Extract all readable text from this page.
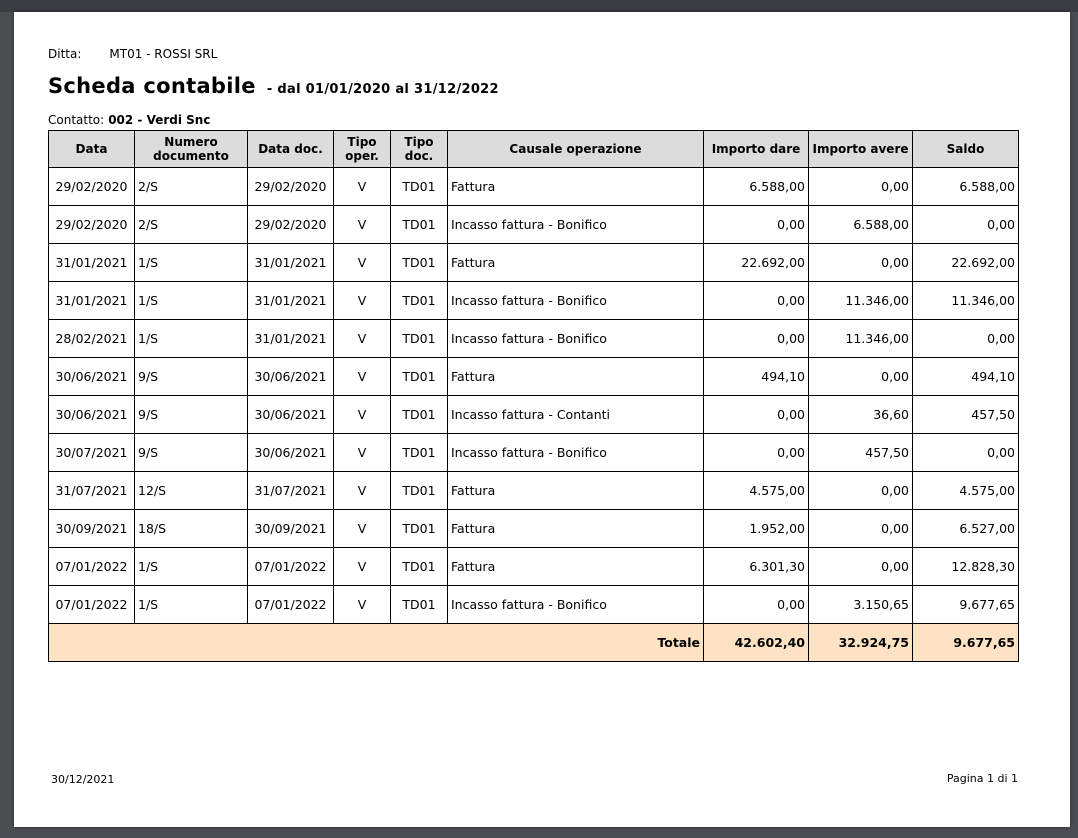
Ditta: MT01 - ROSSI SRL
Scheda contabile - dal 01/01/2020 al 31/12/2022
Contatto: 002 - Verdi Snc
Data	Numero documento	Data doc.	Tipo oper.	Tipo doc.	Causale operazione	Importo dare	Importo avere	Saldo
29/02/2020	2/S	29/02/2020	V	TD01	Fattura	6.588,00	0,00	6.588,00
29/02/2020	2/S	29/02/2020	V	TD01	Incasso fattura - Bonifico	0,00	6.588,00	0,00
31/01/2021	1/S	31/01/2021	V	TD01	Fattura	22.692,00	0,00	22.692,00
31/01/2021	1/S	31/01/2021	V	TD01	Incasso fattura - Bonifico	0,00	11.346,00	11.346,00
28/02/2021	1/S	31/01/2021	V	TD01	Incasso fattura - Bonifico	0,00	11.346,00	0,00
30/06/2021	9/S	30/06/2021	V	TD01	Fattura	494,10	0,00	494,10
30/06/2021	9/S	30/06/2021	V	TD01	Incasso fattura - Contanti	0,00	36,60	457,50
30/07/2021	9/S	30/06/2021	V	TD01	Incasso fattura - Bonifico	0,00	457,50	0,00
31/07/2021	12/S	31/07/2021	V	TD01	Fattura	4.575,00	0,00	4.575,00
30/09/2021	18/S	30/09/2021	V	TD01	Fattura	1.952,00	0,00	6.527,00
07/01/2022	1/S	07/01/2022	V	TD01	Fattura	6.301,30	0,00	12.828,30
07/01/2022	1/S	07/01/2022	V	TD01	Incasso fattura - Bonifico	0,00	3.150,65	9.677,65
					Totale	42.602,40	32.924,75	9.677,65
30/12/2021	Pagina 1 di 1
